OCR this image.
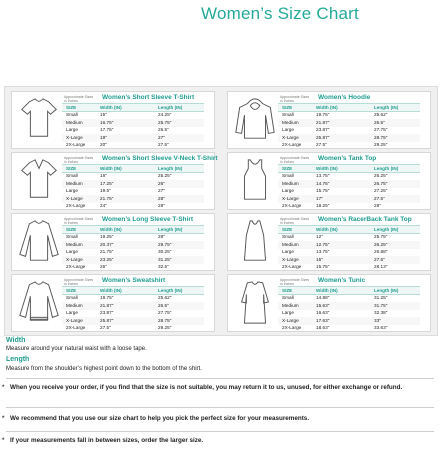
Women’s Size Chart
Approximate Sizes in Inches	Women’s Short Sleeve T-Shirt
SIZE	Width (IN)	Length (IN)
Small	15"	24.25"
Medium	16.75"	25.75"
Large	17.75"	26.5"
X-Large	19"	27"
2X-Large	20"	27.5"
Approximate Sizes in Inches	Women’s Hoodie
SIZE	Width (IN)	Length (IN)
Small	19.75"	25.62"
Medium	21.87"	26.5"
Large	23.87"	27.75"
X-Large	25.87"	28.75"
2X-Large	27.5"	29.25"
Approximate Sizes in Inches	Women’s Short Sleeve V-Neck T-Shirt
SIZE	Width (IN)	Length (IN)
Small	16"	25.25"
Medium	17.25"	26"
Large	19.5"	27"
X-Large	21.75"	28"
2X-Large	24"	28"
Approximate Sizes in Inches	Women’s Tank Top
SIZE	Width (IN)	Length (IN)
Small	13.75"	26.25"
Medium	14.75"	26.75"
Large	15.75"	27.25"
X-Large	17"	27.5"
2X-Large	18.25"	28"
Approximate Sizes in Inches	Women’s Long Sleeve T-Shirt
SIZE	Width (IN)	Length (IN)
Small	19.25"	28"
Medium	20.37"	29.75"
Large	21.75"	30.25"
X-Large	23.25"	31.25"
2X-Large	26"	32.5"
Approximate Sizes in Inches	Women’s RacerBack Tank Top
SIZE	Width (IN)	Length (IN)
Small	12"	25.75"
Medium	12.75"	26.25"
Large	13.75"	26.88"
X-Large	15"	27.5"
2X-Large	15.75"	28.13"
Approximate Sizes in Inches	Women’s Sweatshirt
SIZE	Width (IN)	Length (IN)
Small	19.75"	25.62"
Medium	21.87"	26.5"
Large	23.87"	27.75"
X-Large	25.87"	28.75"
2X-Large	27.5"	29.25"
Approximate Sizes in Inches	Women’s Tunic
SIZE	Width (IN)	Length (IN)
Small	14.88"	31.25"
Medium	15.63"	31.75"
Large	16.63"	32.38"
X-Large	17.63"	33"
2X-Large	18.63"	33.63"
Width
Measure around your natural waist with a loose tape.
Length
Measure from the shoulder’s highest point down to the bottom of the shirt.
* When you receive your order, if you find that the size is not suitable, you may return it to us, unused, for either exchange or refund.
* We recommend that you use our size chart to help you pick the perfect size for your measurements.
* If your measurements fall in between sizes, order the larger size.
